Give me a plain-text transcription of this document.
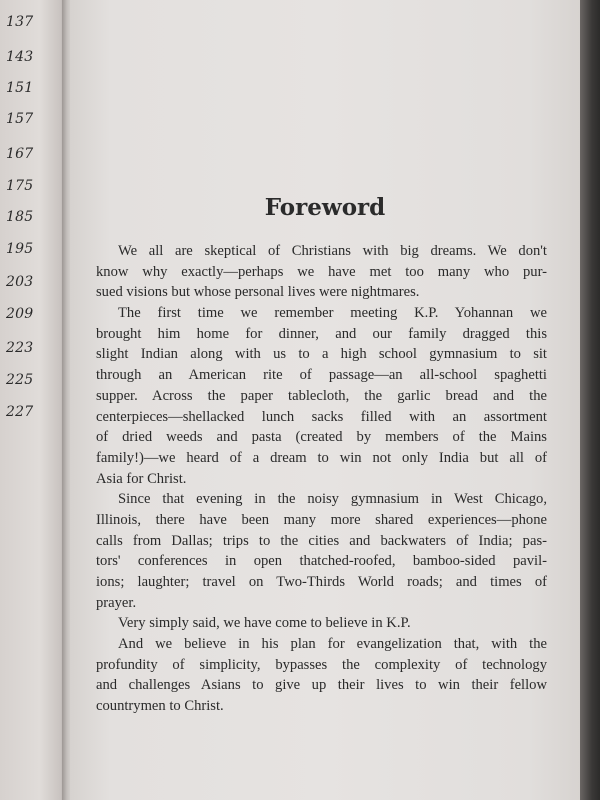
137
143
151
157
167
175
185
195
203
209
223
225
227
Foreword
We all are skeptical of Christians with big dreams. We don't
know why exactly—perhaps we have met too many who pur-
sued visions but whose personal lives were nightmares.
The first time we remember meeting K.P. Yohannan we
brought him home for dinner, and our family dragged this
slight Indian along with us to a high school gymnasium to sit
through an American rite of passage—an all-school spaghetti
supper. Across the paper tablecloth, the garlic bread and the
centerpieces—shellacked lunch sacks filled with an assortment
of dried weeds and pasta (created by members of the Mains
family!)—we heard of a dream to win not only India but all of
Asia for Christ.
Since that evening in the noisy gymnasium in West Chicago,
Illinois, there have been many more shared experiences—phone
calls from Dallas; trips to the cities and backwaters of India; pas-
tors' conferences in open thatched-roofed, bamboo-sided pavil-
ions; laughter; travel on Two-Thirds World roads; and times of
prayer.
Very simply said, we have come to believe in K.P.
And we believe in his plan for evangelization that, with the
profundity of simplicity, bypasses the complexity of technology
and challenges Asians to give up their lives to win their fellow
countrymen to Christ.
